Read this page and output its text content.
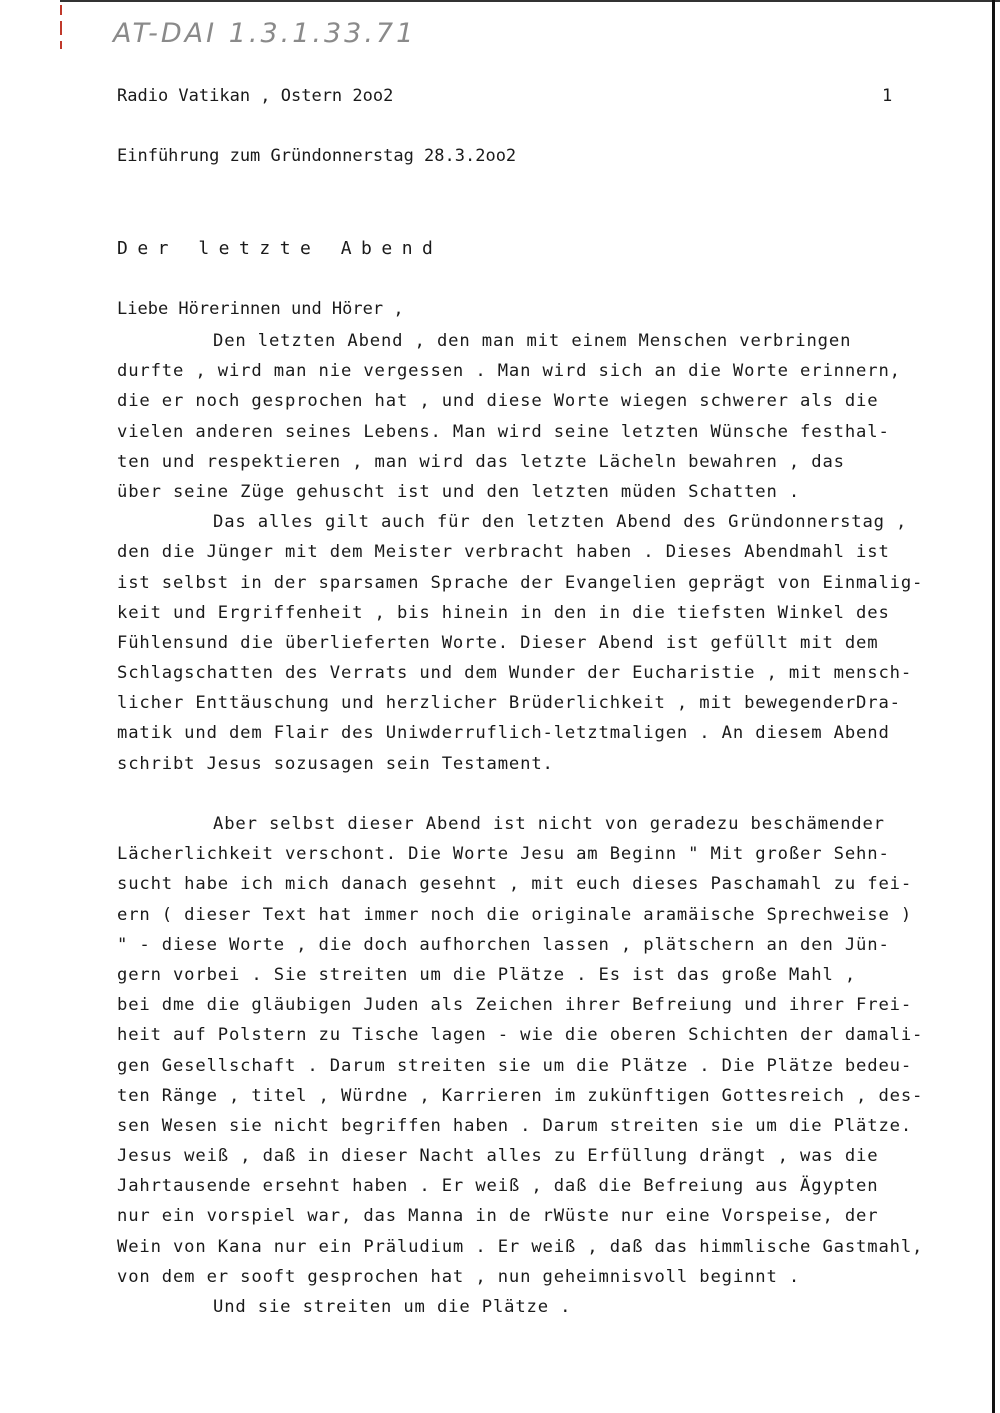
AT-DAI 1.3.1.33.71
Radio Vatikan , Ostern 2oo2	1
Einführung zum Gründonnerstag 28.3.2oo2
Der letzte Abend
Liebe Hörerinnen und Hörer ,
Den letzten Abend , den man mit einem Menschen verbringen
durfte , wird man nie vergessen . Man wird sich an die Worte erinnern,
die er noch gesprochen hat , und diese Worte wiegen schwerer als die
vielen anderen seines Lebens. Man wird seine letzten Wünsche festhal-
ten und respektieren , man wird das letzte Lächeln bewahren , das
über seine Züge gehuscht ist und den letzten müden Schatten .
Das alles gilt auch für den letzten Abend des Gründonnerstag ,
den die Jünger mit dem Meister verbracht haben . Dieses Abendmahl ist
ist selbst in der sparsamen Sprache der Evangelien geprägt von Einmalig-
keit und Ergriffenheit , bis hinein in den in die tiefsten Winkel des
Fühlensund die überlieferten Worte. Dieser Abend ist gefüllt mit dem
Schlagschatten des Verrats und dem Wunder der Eucharistie , mit mensch-
licher Enttäuschung und herzlicher Brüderlichkeit , mit bewegenderDra-
matik und dem Flair des Uniwderruflich-letztmaligen . An diesem Abend
schribt Jesus sozusagen sein Testament.
Aber selbst dieser Abend ist nicht von geradezu beschämender
Lächerlichkeit verschont. Die Worte Jesu am Beginn " Mit großer Sehn-
sucht habe ich mich danach gesehnt , mit euch dieses Paschamahl zu fei-
ern ( dieser Text hat immer noch die originale aramäische Sprechweise )
" - diese Worte , die doch aufhorchen lassen , plätschern an den Jün-
gern vorbei . Sie streiten um die Plätze . Es ist das große Mahl ,
bei dme die gläubigen Juden als Zeichen ihrer Befreiung und ihrer Frei-
heit auf Polstern zu Tische lagen - wie die oberen Schichten der damali-
gen Gesellschaft . Darum streiten sie um die Plätze . Die Plätze bedeu-
ten Ränge , titel , Würdne , Karrieren im zukünftigen Gottesreich , des-
sen Wesen sie nicht begriffen haben . Darum streiten sie um die Plätze.
Jesus weiß , daß in dieser Nacht alles zu Erfüllung drängt , was die
Jahrtausende ersehnt haben . Er weiß , daß die Befreiung aus Ägypten
nur ein vorspiel war, das Manna in de rWüste nur eine Vorspeise, der
Wein von Kana nur ein Präludium . Er weiß , daß das himmlische Gastmahl,
von dem er sooft gesprochen hat , nun geheimnisvoll beginnt .
Und sie streiten um die Plätze .
